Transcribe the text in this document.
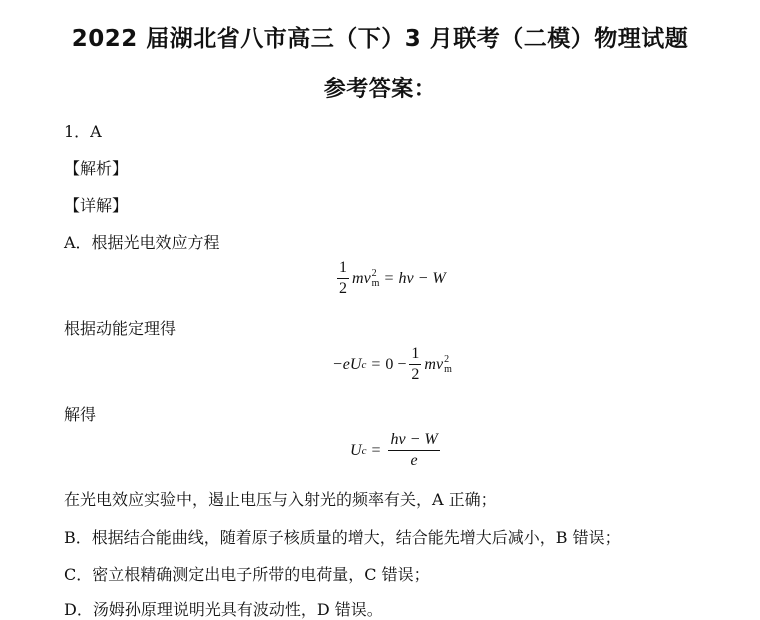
2022 届湖北省八市高三（下）3 月联考（二模）物理试题
参考答案：
1．A
【解析】
【详解】
A．根据光电效应方程
$\frac{1}{2}$ m v 2
m = hν − W
根据动能定理得
−eU $c = 0 - \frac{1}{2}$ m v 2
m
解得
U $c = \frac{h\nu - W}{e}$
在光电效应实验中，遏止电压与入射光的频率有关，A 正确；
B．根据结合能曲线，随着原子核质量的增大，结合能先增大后减小，B 错误；
C．密立根精确测定出电子所带的电荷量，C 错误；
D．汤姆孙原理说明光具有波动性，D 错误。
